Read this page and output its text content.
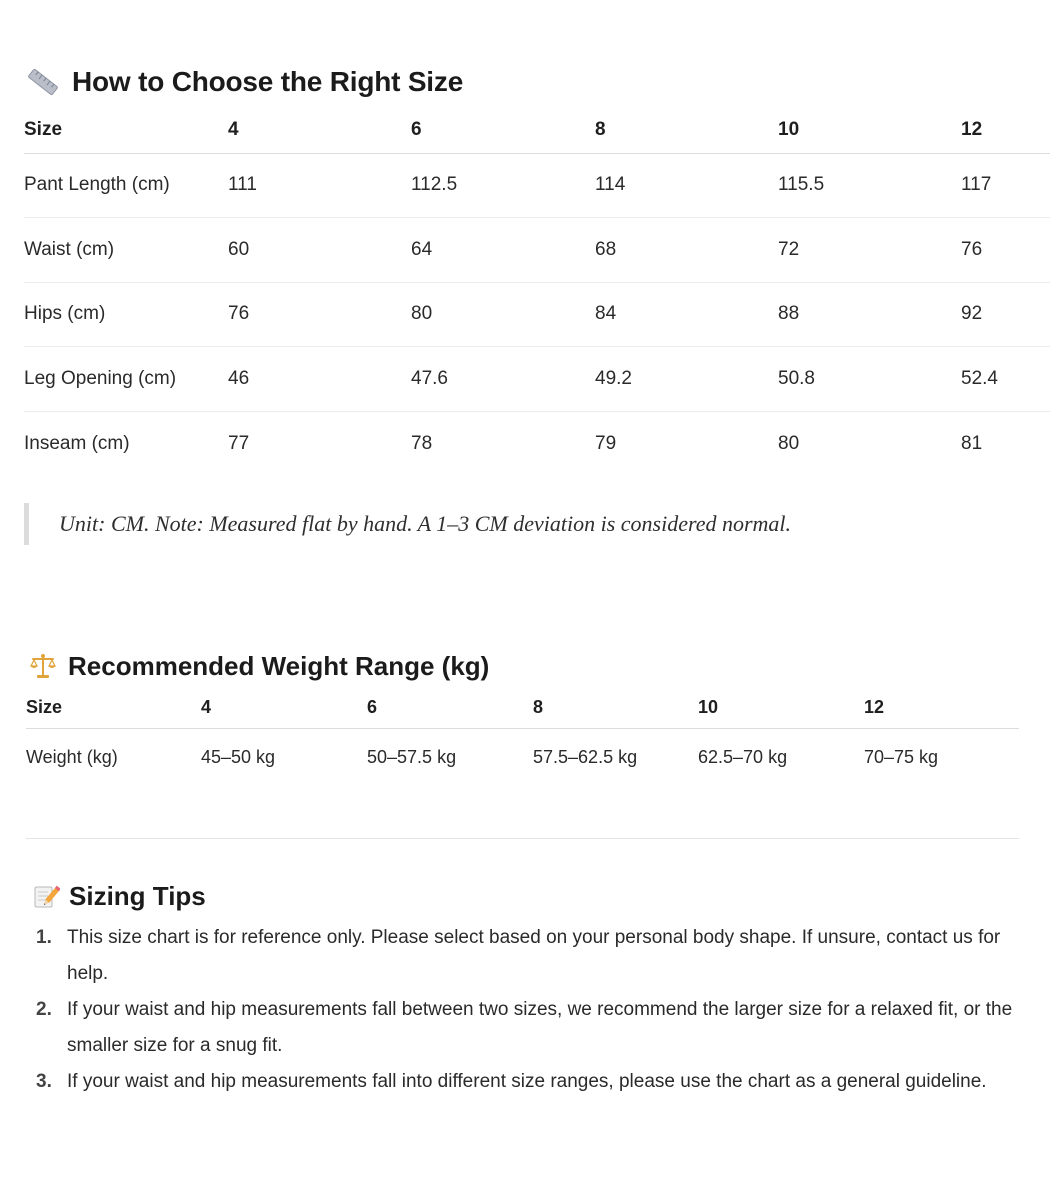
How to Choose the Right Size
Size	4	6	8	10	12
Pant Length (cm)	111	112.5	114	115.5	117
Waist (cm)	60	64	68	72	76
Hips (cm)	76	80	84	88	92
Leg Opening (cm)	46	47.6	49.2	50.8	52.4
Inseam (cm)	77	78	79	80	81
Unit: CM. Note: Measured flat by hand. A 1–3 CM deviation is considered normal.
Recommended Weight Range (kg)
Size	4	6	8	10	12
Weight (kg)	45–50 kg	50–57.5 kg	57.5–62.5 kg	62.5–70 kg	70–75 kg
Sizing Tips
1. This size chart is for reference only. Please select based on your personal body shape. If unsure, contact us for help.
2. If your waist and hip measurements fall between two sizes, we recommend the larger size for a relaxed fit, or the smaller size for a snug fit.
3. If your waist and hip measurements fall into different size ranges, please use the chart as a general guideline.
